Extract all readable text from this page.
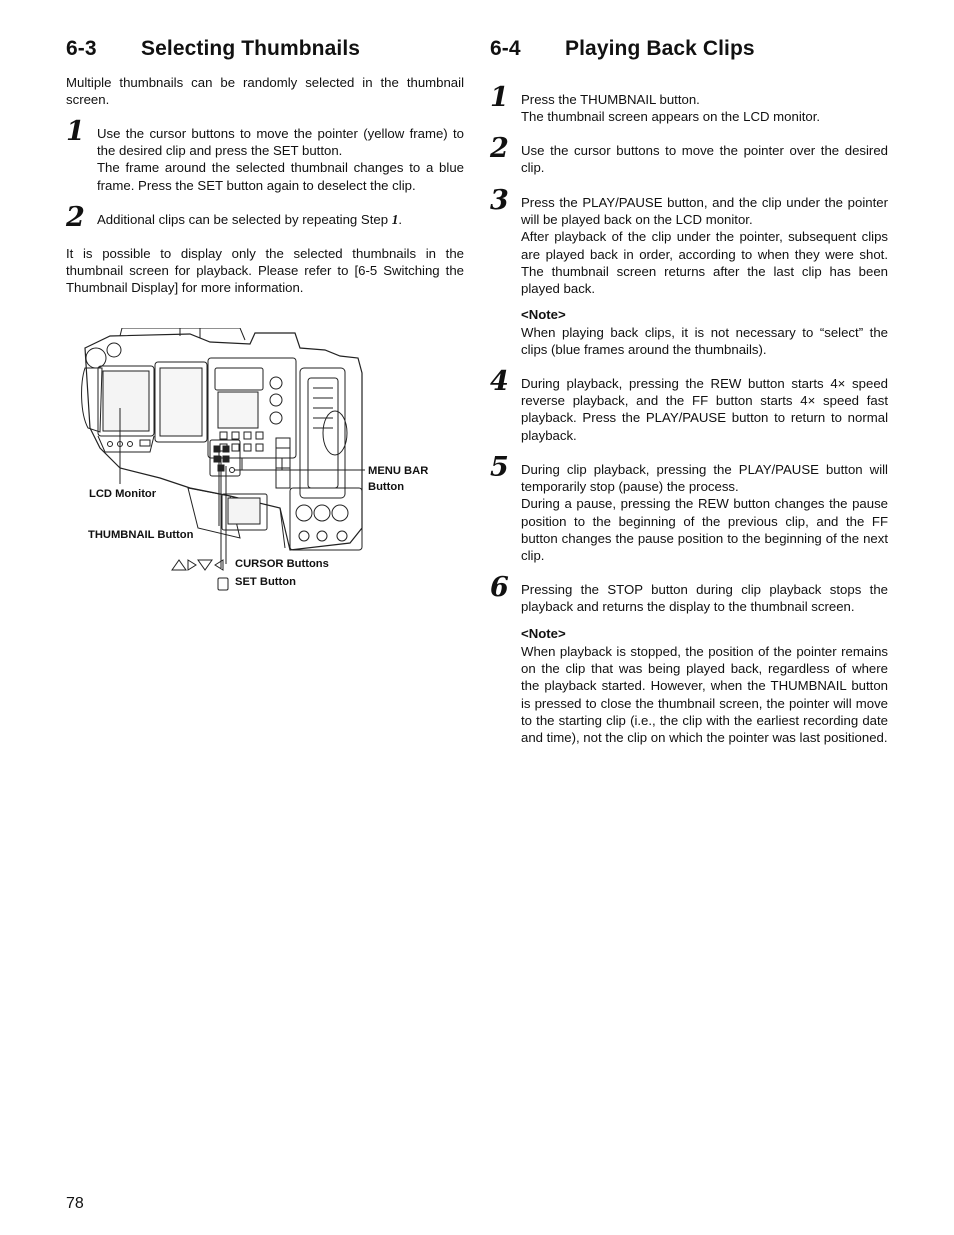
6-3 Selecting Thumbnails

Multiple thumbnails can be randomly selected in the thumbnail screen.

1 Use the cursor buttons to move the pointer (yellow frame) to the desired clip and press the SET button.
The frame around the selected thumbnail changes to a blue frame. Press the SET button again to deselect the clip.

2 Additional clips can be selected by repeating Step 1.

It is possible to display only the selected thumbnails in the thumbnail screen for playback. Please refer to [6-5 Switching the Thumbnail Display] for more information.

LCD Monitor
THUMBNAIL Button
MENU BAR
Button
CURSOR Buttons
SET Button
6-4 Playing Back Clips
1 Press the THUMBNAIL button.
The thumbnail screen appears on the LCD monitor.

2 Use the cursor buttons to move the pointer over the desired clip.

3 Press the PLAY/PAUSE button, and the clip under the pointer will be played back on the LCD monitor.
After playback of the clip under the pointer, subsequent clips are played back in order, according to when they were shot. The thumbnail screen returns after the last clip has been played back.

<Note>

When playing back clips, it is not necessary to “select” the clips (blue frames around the thumbnails).

4 During playback, pressing the REW button starts 4× speed reverse playback, and the FF button starts 4× speed fast playback. Press the PLAY/PAUSE button to return to normal playback.

5 During clip playback, pressing the PLAY/PAUSE button will temporarily stop (pause) the process.
During a pause, pressing the REW button changes the pause position to the beginning of the previous clip, and the FF button changes the pause position to the beginning of the next clip.

6 Pressing the STOP button during clip playback stops the playback and returns the display to the thumbnail screen.

<Note>

When playback is stopped, the position of the pointer remains on the clip that was being played back, regardless of where the playback started. However, when the THUMBNAIL button is pressed to close the thumbnail screen, the pointer will move to the starting clip (i.e., the clip with the earliest recording date and time), not the clip on which the pointer was last positioned.

78
